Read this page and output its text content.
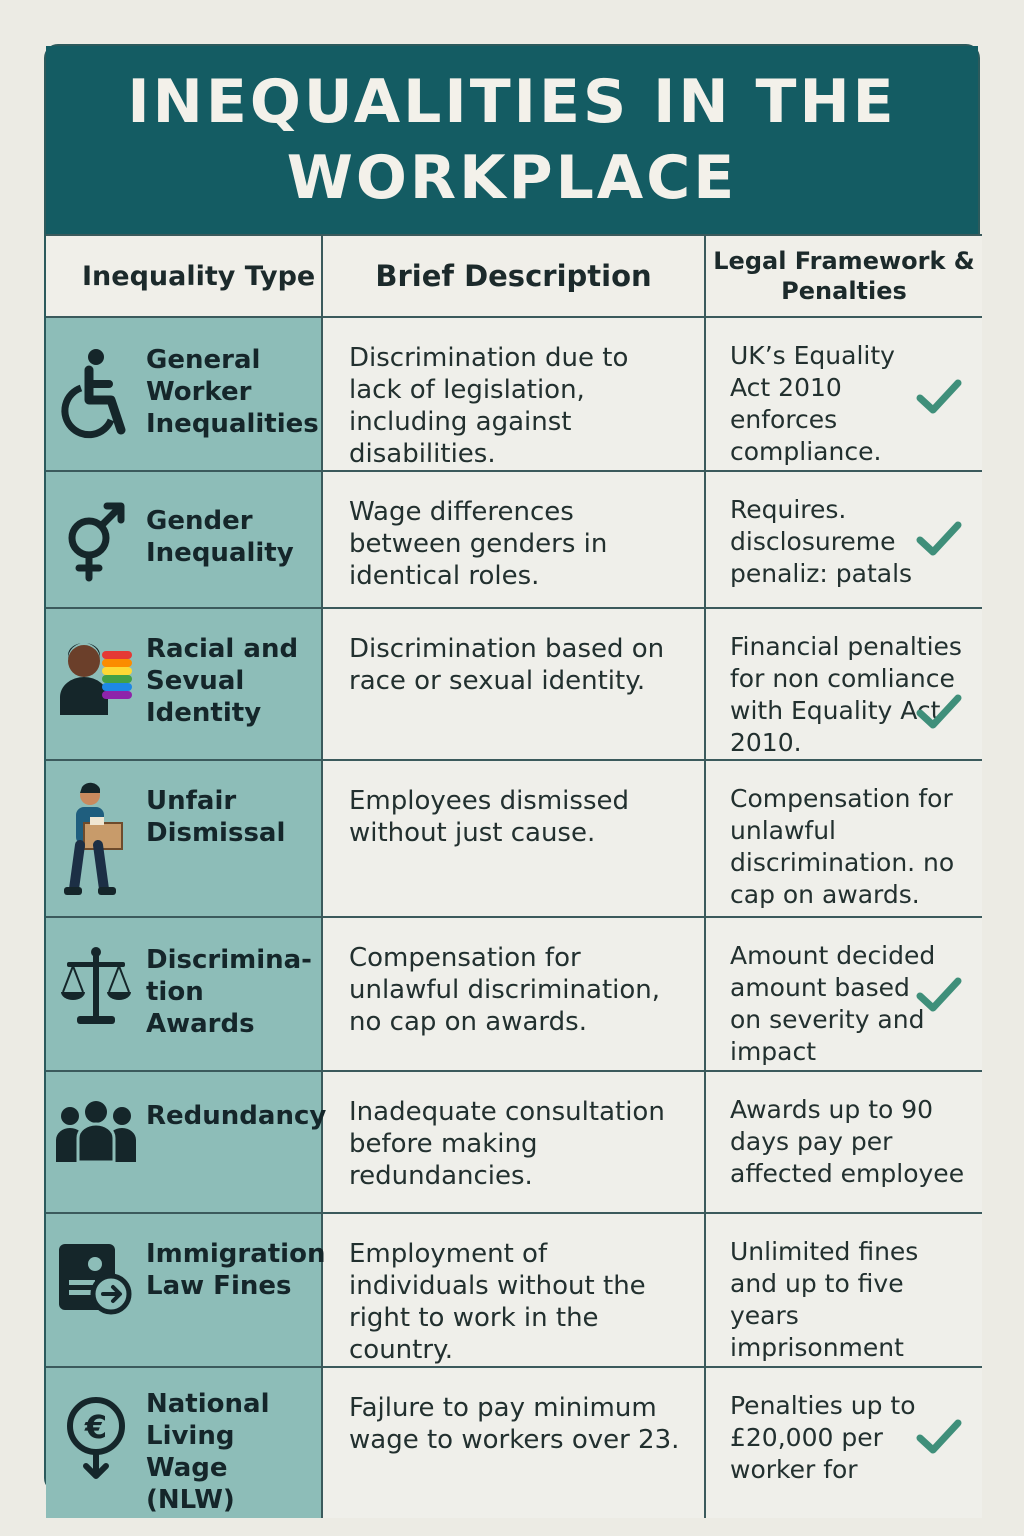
INEQUALITIES IN THE WORKPLACE
Inequality Type	Brief Description	Legal Framework & Penalties

General Worker Inequalities	Discrimination due to lack of legislation, including against disabilities.	UK’s Equality Act 2010 enforces compliance.

Gender Inequality	Wage differences between genders in identical roles.	Requires. disclosureme penaliz: patals

Racial and Sevual Identity	Discrimination based on race or sexual identity.	Financial penalties for non comliance with Equality Act 2010.

Unfair Dismissal	Employees dismissed without just cause.	Compensation for unlawful discrimination. no cap on awards.

Discrimina- tion Awards	Compensation for unlawful discrimination, no cap on awards.	Amount decided amount based on severity and impact

Redundancy	Inadequate consultation before making redundancies.	Awards up to 90 days pay per affected employee

Immigration Law Fines	Employment of individuals without the right to work in the country.	Unlimited fines and up to five years imprisonment

€
National Living Wage (NLW)	Fajlure to pay minimum wage to workers over 23.	Penalties up to £20,000 per worker for
